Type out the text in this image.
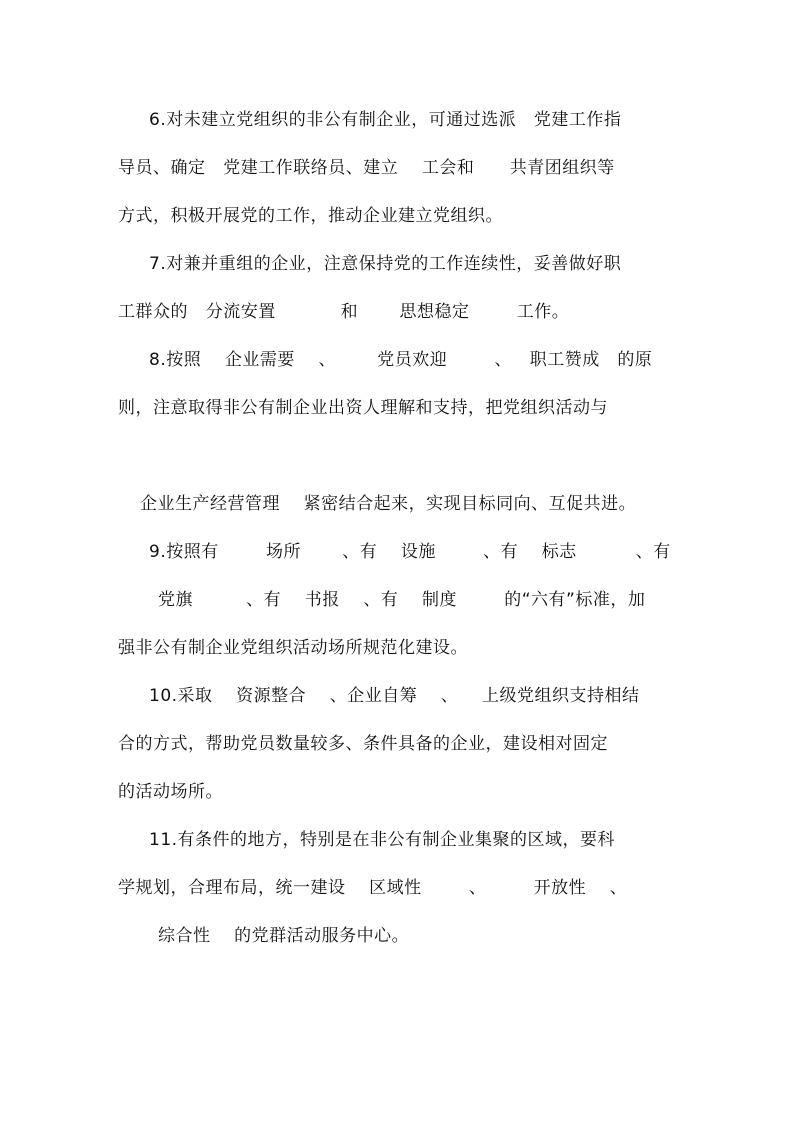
6.对未建立党组织的非公有制企业，可通过选派   党建工作指
导员、确定   党建工作联络员、建立    工会和      共青团组织等
方式，积极开展党的工作，推动企业建立党组织。
7.对兼并重组的企业，注意保持党的工作连续性，妥善做好职
工群众的   分流安置           和       思想稳定        工作。
8.按照    企业需要    、       党员欢迎        、   职工赞成   的原
则，注意取得非公有制企业出资人理解和支持，把党组织活动与
企业生产经营管理    紧密结合起来，实现目标同向、互促共进。
9.按照有        场所       、有    设施        、有    标志          、有
党旗         、有    书报    、有    制度        的“六有”标准，加
强非公有制企业党组织活动场所规范化建设。
10.采取    资源整合    、企业自筹    、    上级党组织支持相结
合的方式，帮助党员数量较多、条件具备的企业，建设相对固定
的活动场所。
11.有条件的地方，特别是在非公有制企业集聚的区域，要科
学规划，合理布局，统一建设    区域性        、        开放性    、
综合性    的党群活动服务中心。
